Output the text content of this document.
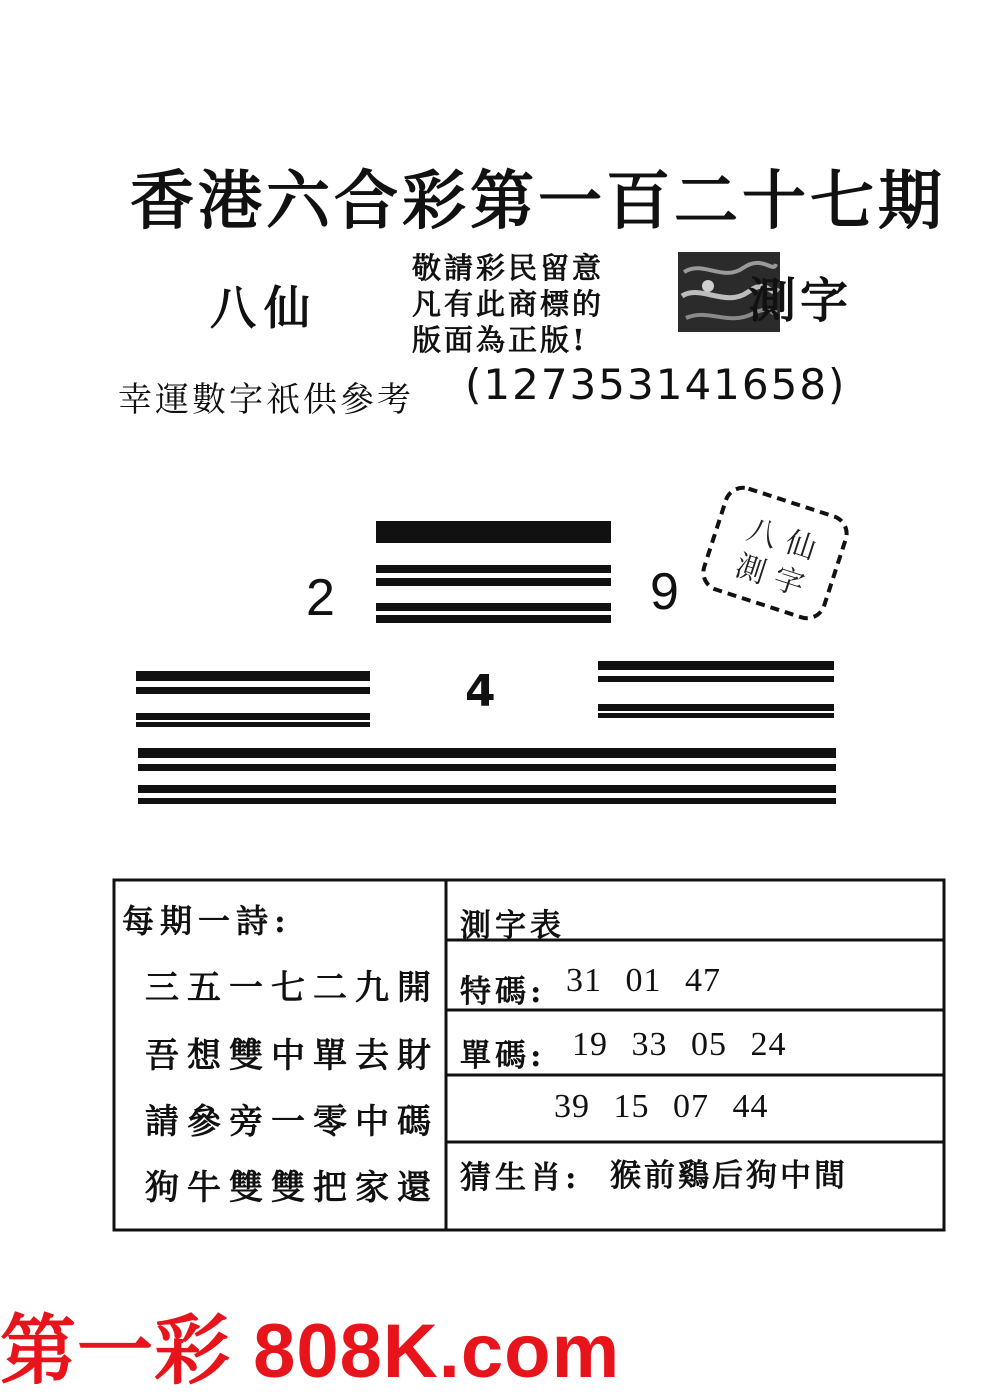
香港六合彩第一百二十七期
八仙
敬請彩民留意
凡有此商標的
版面為正版!
測字
幸運數字祇供參考 (127353141658)
2	9
4
八
仙
測
字
每期一詩:
三五一七二九開
吾想雙中單去財
請參旁一零中碼
狗牛雙雙把家還
測字表
特碼: 31 01 47
單碼: 19 33 05 24
39 15 07 44
猜生肖: 猴前鷄后狗中間
第一彩 808K.com
